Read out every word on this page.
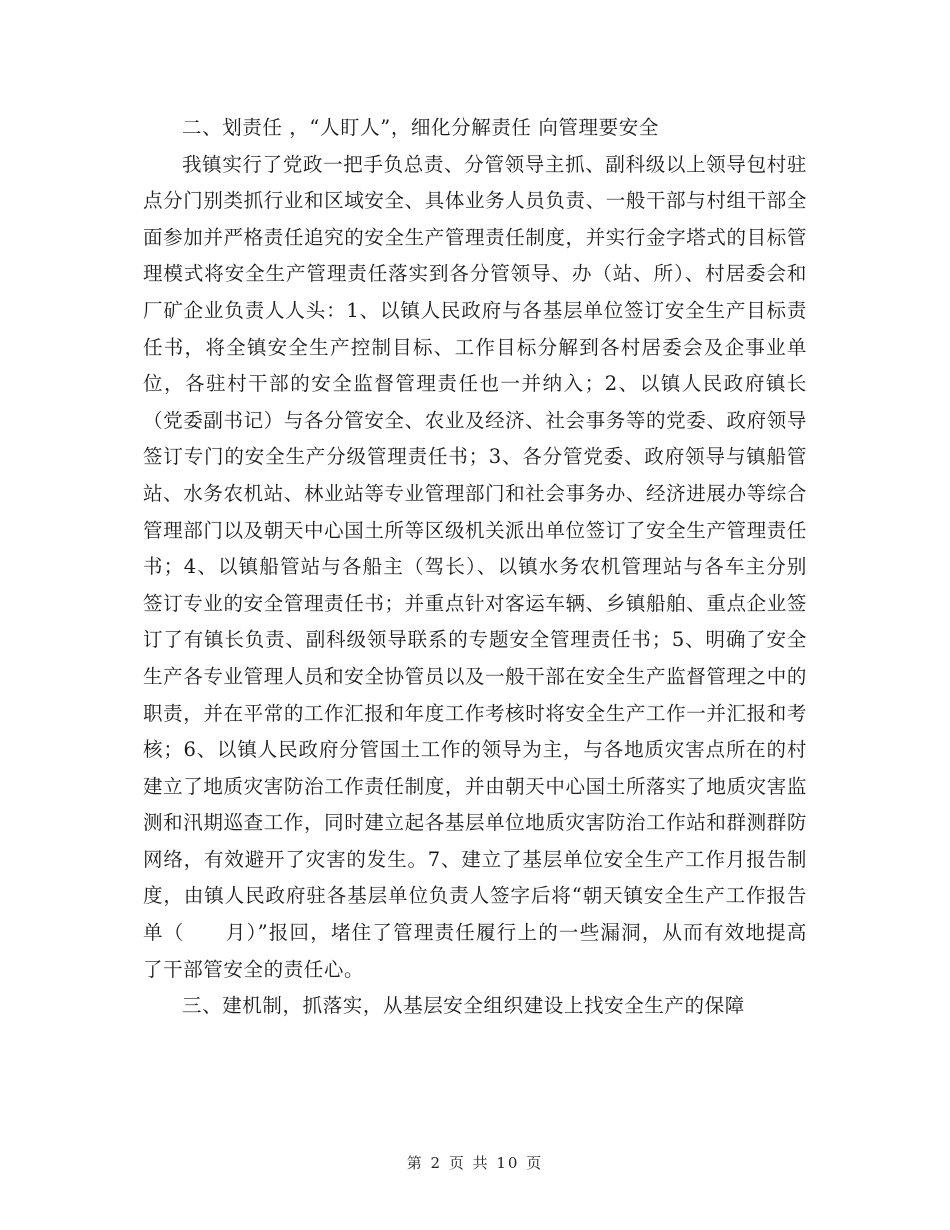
二、划责任 ，“人盯人”，细化分解责任 向管理要安全

我镇实行了党政一把手负总责、分管领导主抓、副科级以上领导包村驻点分门别类抓行业和区域安全、具体业务人员负责、一般干部与村组干部全面参加并严格责任追究的安全生产管理责任制度，并实行金字塔式的目标管理模式将安全生产管理责任落实到各分管领导、办（站、所）、村居委会和厂矿企业负责人人头：1、以镇人民政府与各基层单位签订安全生产目标责任书，将全镇安全生产控制目标、工作目标分解到各村居委会及企事业单位，各驻村干部的安全监督管理责任也一并纳入；2、以镇人民政府镇长（党委副书记）与各分管安全、农业及经济、社会事务等的党委、政府领导签订专门的安全生产分级管理责任书；3、各分管党委、政府领导与镇船管站、水务农机站、林业站等专业管理部门和社会事务办、经济进展办等综合管理部门以及朝天中心国土所等区级机关派出单位签订了安全生产管理责任书；4、以镇船管站与各船主（驾长）、以镇水务农机管理站与各车主分别签订专业的安全管理责任书；并重点针对客运车辆、乡镇船舶、重点企业签订了有镇长负责、副科级领导联系的专题安全管理责任书；5、明确了安全生产各专业管理人员和安全协管员以及一般干部在安全生产监督管理之中的职责，并在平常的工作汇报和年度工作考核时将安全生产工作一并汇报和考核；6、以镇人民政府分管国土工作的领导为主，与各地质灾害点所在的村建立了地质灾害防治工作责任制度，并由朝天中心国土所落实了地质灾害监测和汛期巡查工作，同时建立起各基层单位地质灾害防治工作站和群测群防网络，有效避开了灾害的发生。7、建立了基层单位安全生产工作月报告制度，由镇人民政府驻各基层单位负责人签字后将“朝天镇安全生产工作报告单（　　月）”报回，堵住了管理责任履行上的一些漏洞，从而有效地提高了干部管安全的责任心。

三、建机制，抓落实，从基层安全组织建设上找安全生产的保障

第 2 页 共 10 页
